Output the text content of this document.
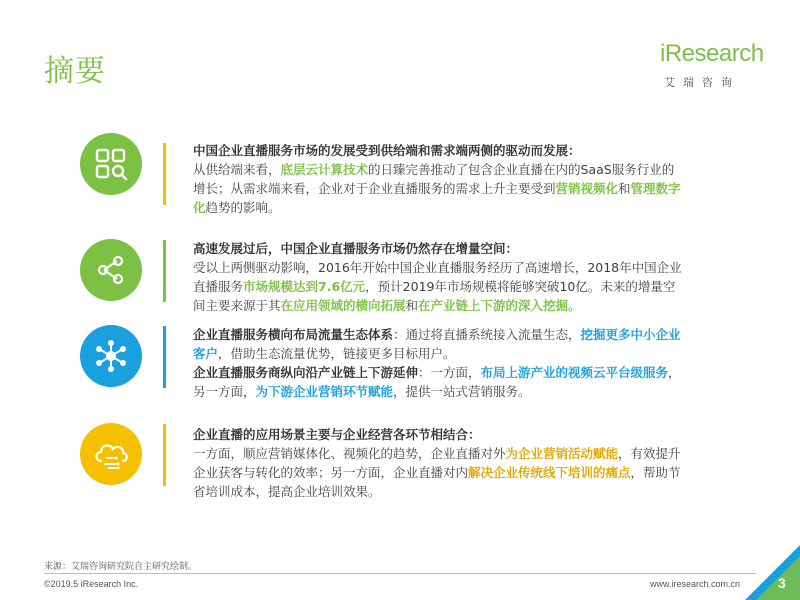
摘要
iResearch
艾瑞咨询
中国企业直播服务市场的发展受到供给端和需求端两侧的驱动而发展：
从供给端来看，底层云计算技术的日臻完善推动了包含企业直播在内的SaaS服务行业的增长；从需求端来看，企业对于企业直播服务的需求上升主要受到营销视频化和管理数字化趋势的影响。
高速发展过后，中国企业直播服务市场仍然存在增量空间：
受以上两侧驱动影响，2016年开始中国企业直播服务经历了高速增长，2018年中国企业直播服务市场规模达到7.6亿元，预计2019年市场规模将能够突破10亿。未来的增量空间主要来源于其在应用领域的横向拓展和在产业链上下游的深入挖掘。
企业直播服务横向布局流量生态体系：通过将直播系统接入流量生态，挖掘更多中小企业客户，借助生态流量优势，链接更多目标用户。
企业直播服务商纵向沿产业链上下游延伸：一方面，布局上游产业的视频云平台级服务，另一方面，为下游企业营销环节赋能，提供一站式营销服务。
企业直播的应用场景主要与企业经营各环节相结合：
一方面，顺应营销媒体化、视频化的趋势，企业直播对外为企业营销活动赋能，有效提升企业获客与转化的效率；另一方面，企业直播对内解决企业传统线下培训的痛点，帮助节省培训成本，提高企业培训效果。
来源：艾瑞咨询研究院自主研究绘制。
©2019.5 iResearch Inc.	www.iresearch.com.cn	3
